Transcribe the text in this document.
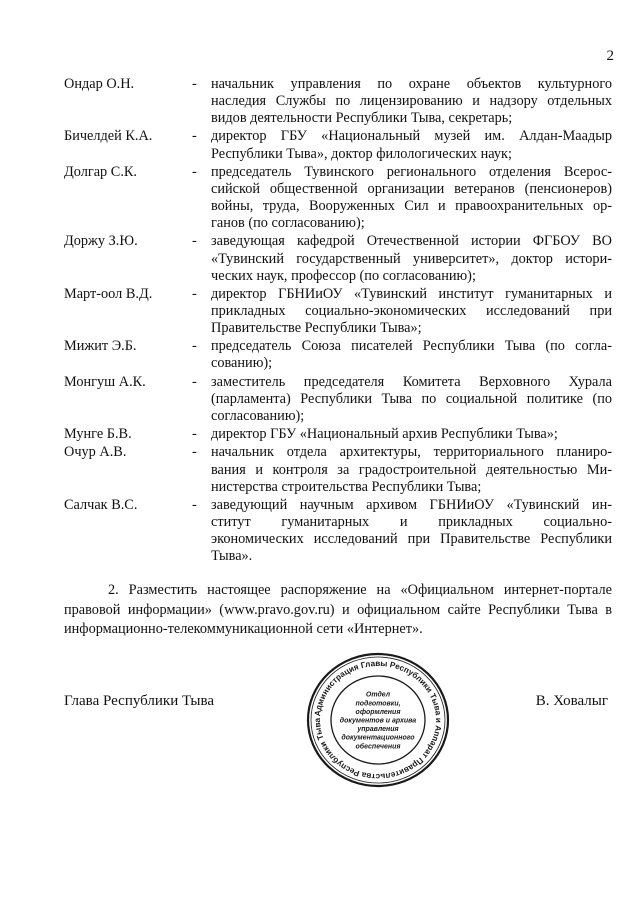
2
Ондар О.Н.	- начальник управления по охране объектов культурного
наследия Службы по лицензированию и надзору отдельных
видов деятельности Республики Тыва, секретарь;
Бичелдей К.А.	- директор ГБУ «Национальный музей им. Алдан-Маадыр
Республики Тыва», доктор филологических наук;
Долгар С.К.	- председатель Тувинского регионального отделения Всерос-
сийской общественной организации ветеранов (пенсионеров)
войны, труда, Вооруженных Сил и правоохранительных ор-
ганов (по согласованию);
Доржу З.Ю.	- заведующая кафедрой Отечественной истории ФГБОУ ВО
«Тувинский государственный университет», доктор истори-
ческих наук, профессор (по согласованию);
Март-оол В.Д.	- директор ГБНИиОУ «Тувинский институт гуманитарных и
прикладных социально-экономических исследований при
Правительстве Республики Тыва»;
Мижит Э.Б.	- председатель Союза писателей Республики Тыва (по согла-
сованию);
Монгуш А.К.	- заместитель председателя Комитета Верховного Хурала
(парламента) Республики Тыва по социальной политике (по
согласованию);
Мунге Б.В.	- директор ГБУ «Национальный архив Республики Тыва»;
Очур А.В.	- начальник отдела архитектуры, территориального планиро-
вания и контроля за градостроительной деятельностью Ми-
нистерства строительства Республики Тыва;
Салчак В.С.	- заведующий научным архивом ГБНИиОУ «Тувинский ин-
ститут гуманитарных и прикладных социально-
экономических исследований при Правительстве Республики
Тыва».
2. Разместить настоящее распоряжение на «Официальном интернет-портале правовой информации» (www.pravo.gov.ru) и официальном сайте Республики Тыва в информационно-телекоммуникационной сети «Интернет».
Глава Республики Тыва	В. Ховалыг
Администрация Главы Республики Тыва и Аппарат Правительства Республики Тыва
Отдел
подготовки,
оформления
документов и архива
управления
документационного
обеспечения
